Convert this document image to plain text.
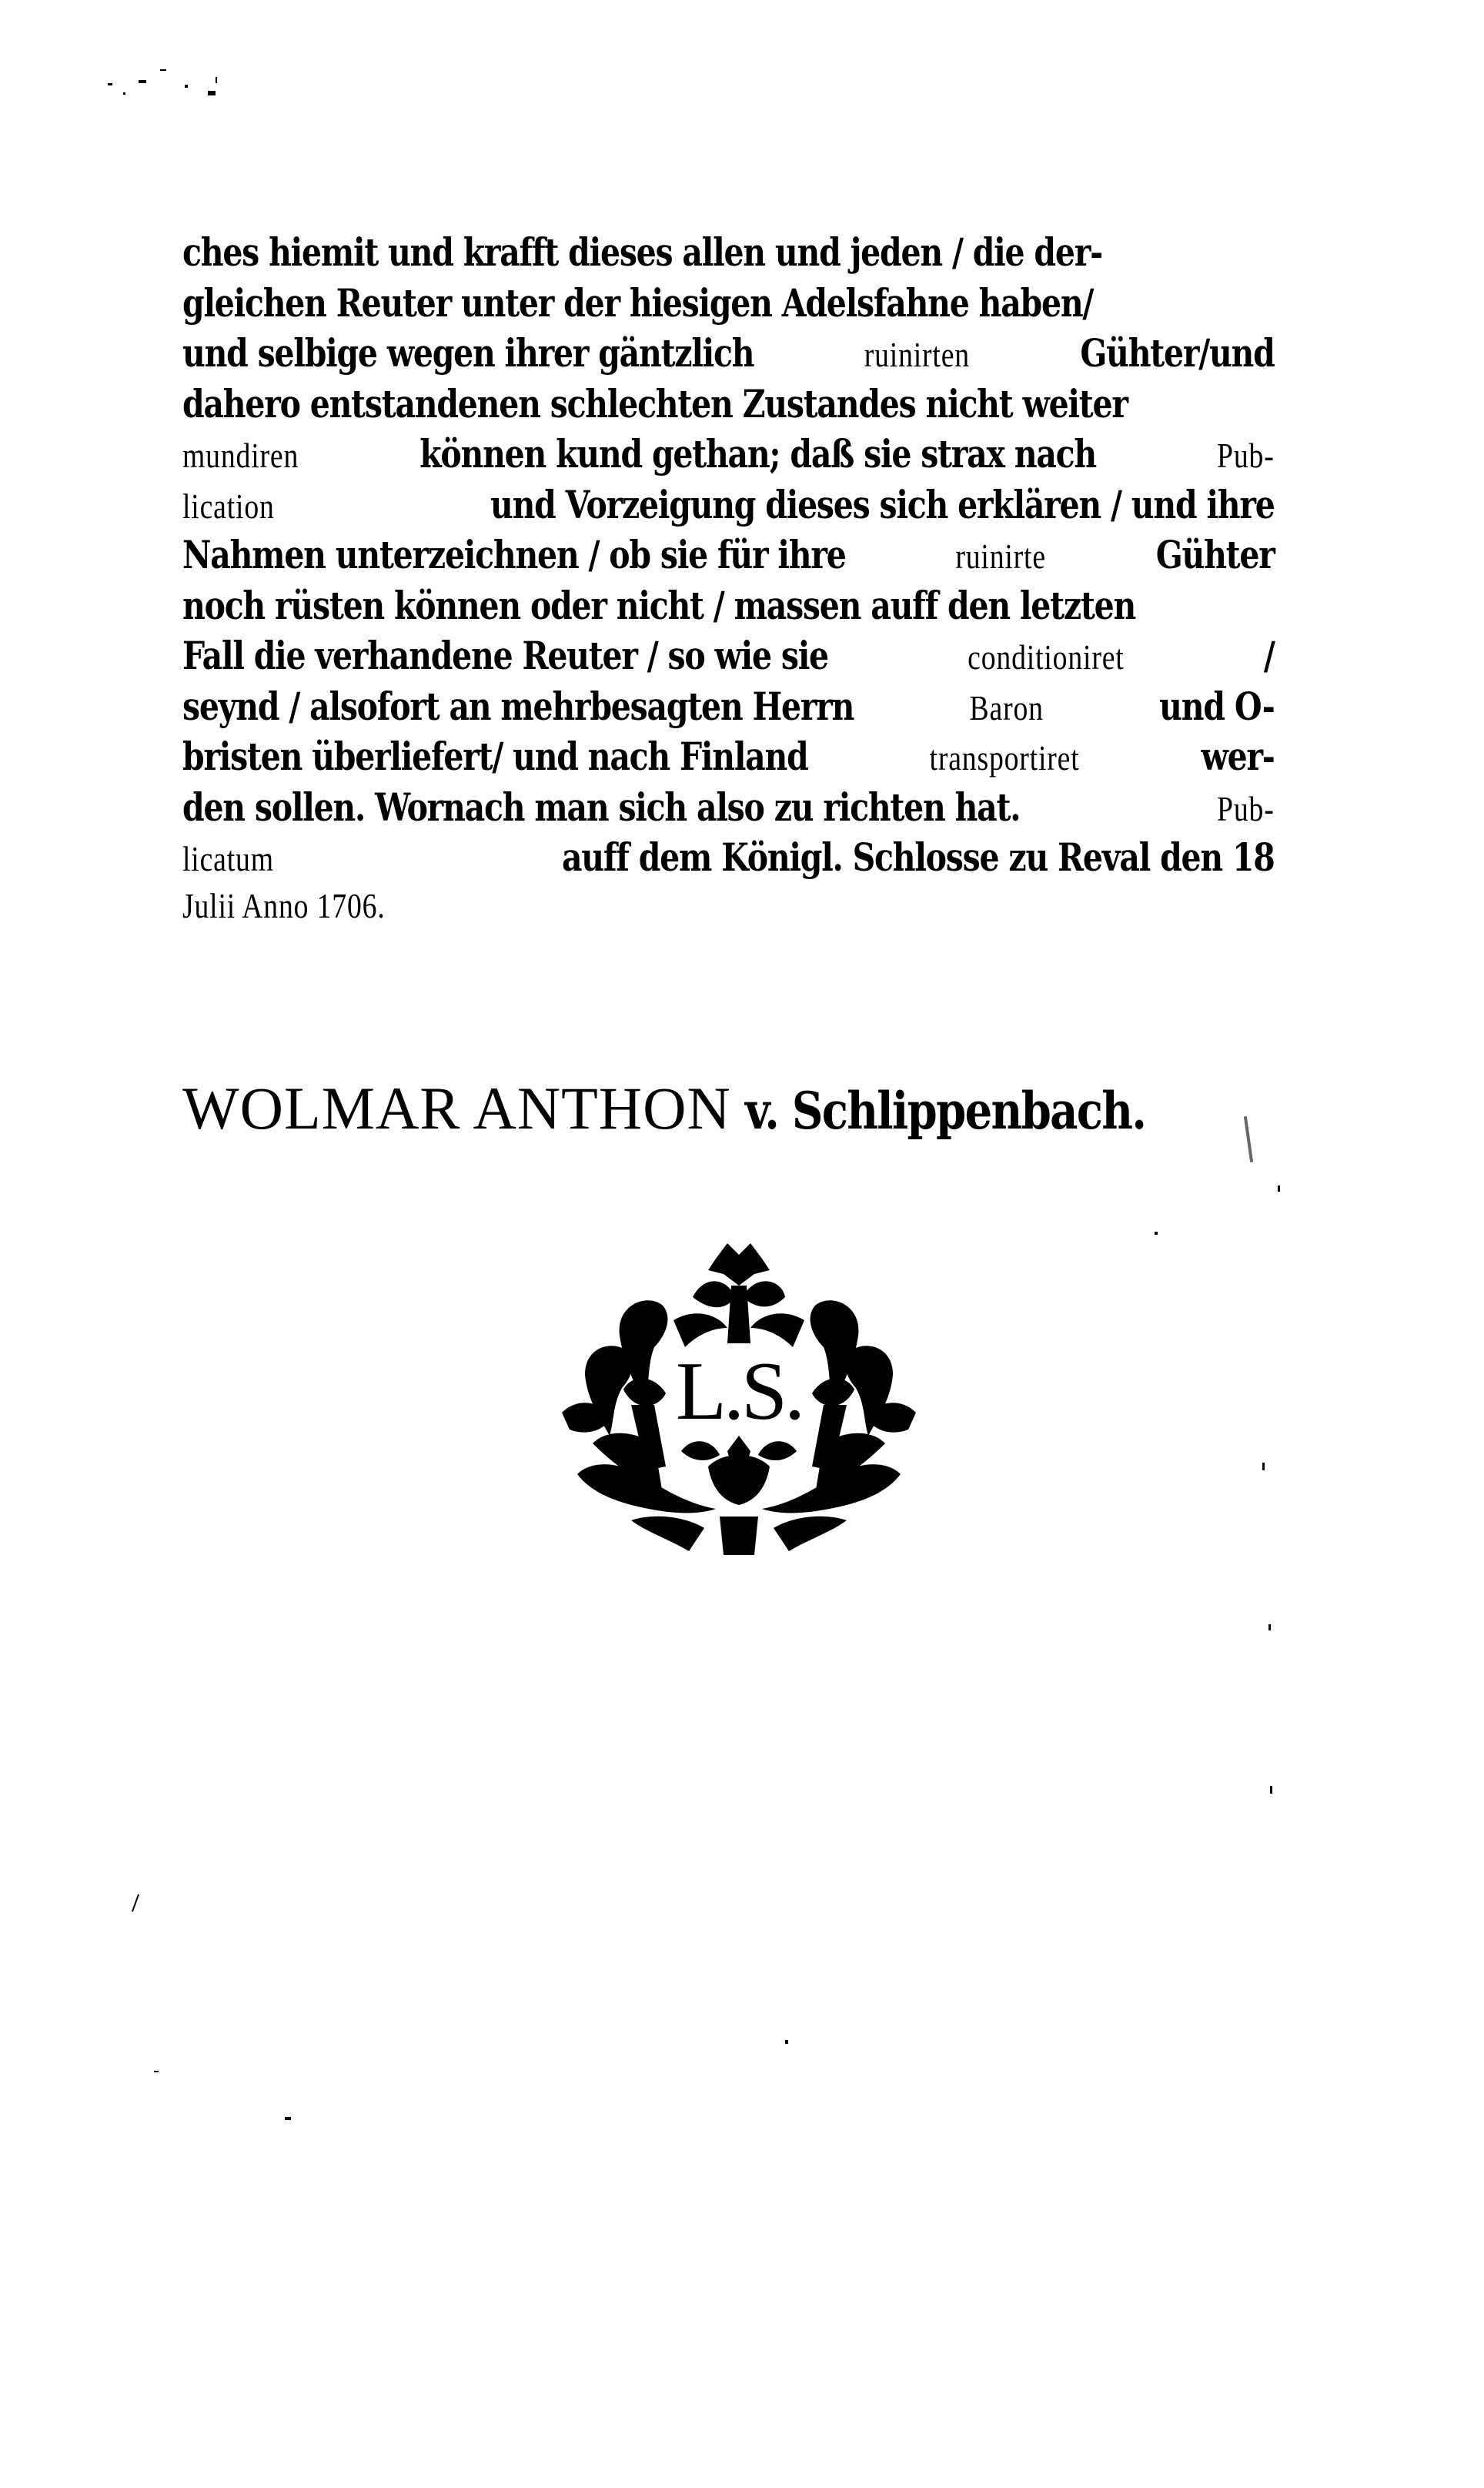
ches hiemit und krafft dieses allen und jeden / die der-
gleichen Reuter unter der hiesigen Adelsfahne haben/
und selbige wegen ihrer gäntzlich	ruinirten	Gühter/und
dahero entstandenen schlechten Zustandes nicht weiter
mundiren	können kund gethan; daß sie strax nach	Pub-
lication	und Vorzeigung dieses sich erklären / und ihre
Nahmen unterzeichnen / ob sie für ihre	ruinirte	Gühter
noch rüsten können oder nicht / massen auff den letzten
Fall die verhandene Reuter / so wie sie	conditioniret	/
seynd / alsofort an mehrbesagten Herrn	Baron	und O-
bristen überliefert/ und nach Finland	transportiret	wer-
den sollen. Wornach man sich also zu richten hat.	Pub-
licatum	auff dem Königl. Schlosse zu Reval den 18
Julii Anno 1706.
WOLMAR ANTHON v. Schlippenbach.
L.S.
